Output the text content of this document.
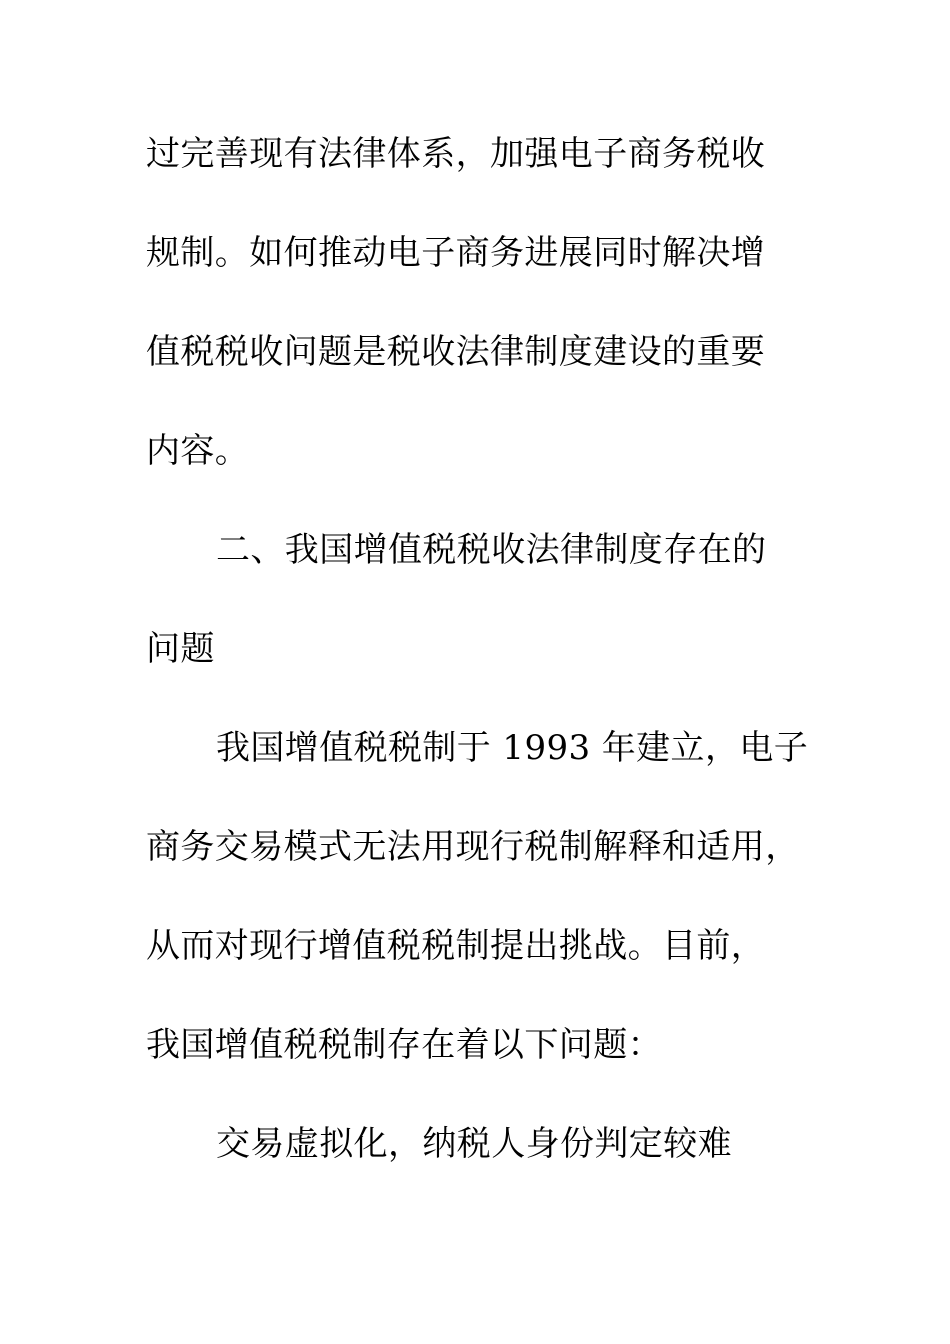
过完善现有法律体系，加强电子商务税收
规制。如何推动电子商务进展同时解决增
值税税收问题是税收法律制度建设的重要
内容。
二、我国增值税税收法律制度存在的
问题
我国增值税税制于 1993 年建立，电子
商务交易模式无法用现行税制解释和适用，
从而对现行增值税税制提出挑战。目前，
我国增值税税制存在着以下问题：
交易虚拟化，纳税人身份判定较难
